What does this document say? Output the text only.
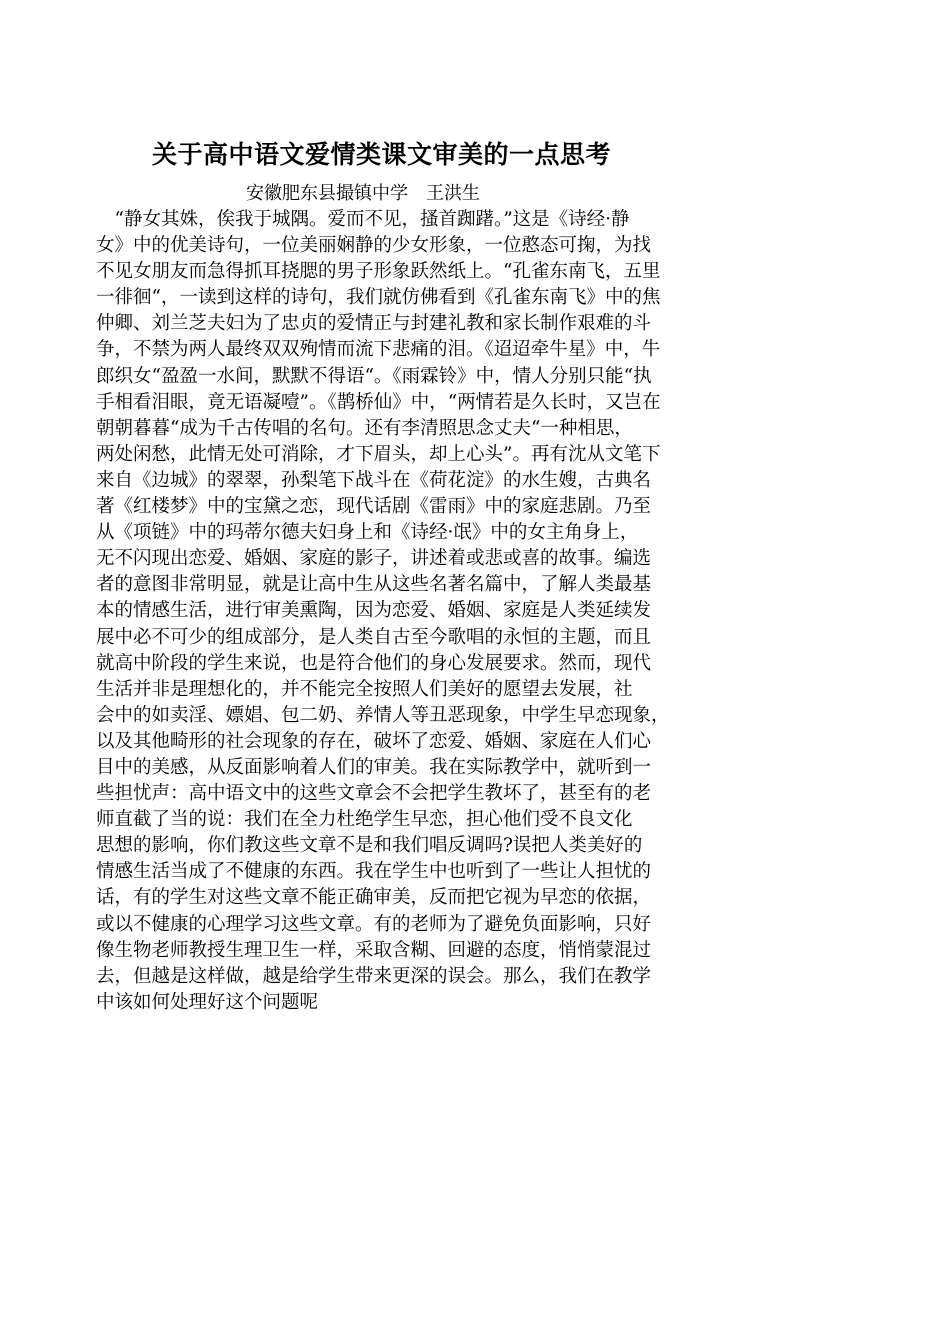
关于高中语文爱情类课文审美的一点思考
安徽肥东县撮镇中学　王洪生
　“静女其姝，俟我于城隅。爱而不见，搔首踟躇。”这是《诗经·静
女》中的优美诗句，一位美丽娴静的少女形象，一位憨态可掬，为找
不见女朋友而急得抓耳挠腮的男子形象跃然纸上。“孔雀东南飞，五里
一徘徊“，一读到这样的诗句，我们就仿佛看到《孔雀东南飞》中的焦
仲卿、刘兰芝夫妇为了忠贞的爱情正与封建礼教和家长制作艰难的斗
争，不禁为两人最终双双殉情而流下悲痛的泪。《迢迢牵牛星》中，牛
郎织女“盈盈一水间，默默不得语“。《雨霖铃》中，情人分别只能“执
手相看泪眼，竟无语凝噎”。《鹊桥仙》中，“两情若是久长时，又岂在
朝朝暮暮“成为千古传唱的名句。还有李清照思念丈夫“一种相思，
两处闲愁，此情无处可消除，才下眉头，却上心头”。再有沈从文笔下
来自《边城》的翠翠，孙梨笔下战斗在《荷花淀》的水生嫂，古典名
著《红楼梦》中的宝黛之恋，现代话剧《雷雨》中的家庭悲剧。乃至
从《项链》中的玛蒂尔德夫妇身上和《诗经·氓》中的女主角身上，
无不闪现出恋爱、婚姻、家庭的影子，讲述着或悲或喜的故事。编选
者的意图非常明显，就是让高中生从这些名著名篇中，了解人类最基
本的情感生活，进行审美熏陶，因为恋爱、婚姻、家庭是人类延续发
展中必不可少的组成部分，是人类自古至今歌唱的永恒的主题，而且
就高中阶段的学生来说，也是符合他们的身心发展要求。然而，现代
生活并非是理想化的，并不能完全按照人们美好的愿望去发展，社
会中的如卖淫、嫖娼、包二奶、养情人等丑恶现象，中学生早恋现象，
以及其他畸形的社会现象的存在，破坏了恋爱、婚姻、家庭在人们心
目中的美感，从反面影响着人们的审美。我在实际教学中，就听到一
些担忧声：高中语文中的这些文章会不会把学生教坏了，甚至有的老
师直截了当的说：我们在全力杜绝学生早恋，担心他们受不良文化
思想的影响，你们教这些文章不是和我们唱反调吗?误把人类美好的
情感生活当成了不健康的东西。我在学生中也听到了一些让人担忧的
话，有的学生对这些文章不能正确审美，反而把它视为早恋的依据，
或以不健康的心理学习这些文章。有的老师为了避免负面影响，只好
像生物老师教授生理卫生一样，采取含糊、回避的态度，悄悄蒙混过
去，但越是这样做，越是给学生带来更深的误会。那么，我们在教学
中该如何处理好这个问题呢
